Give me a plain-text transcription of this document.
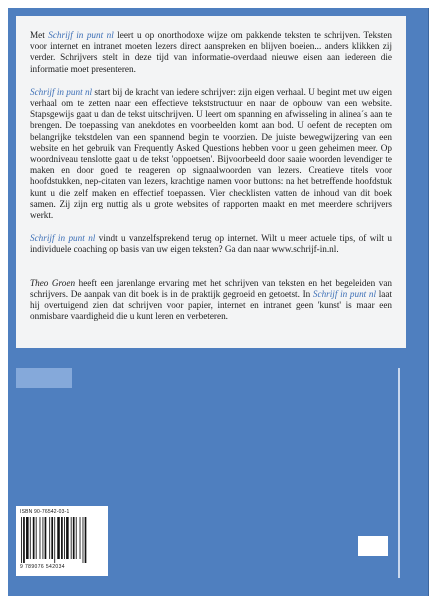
Met Schrijf in punt nl leert u op onorthodoxe wijze om pakkende teksten te schrijven. Teksten voor internet en intranet moeten lezers direct aanspreken en blijven boeien... anders klikken zij verder. Schrijvers stelt in deze tijd van informatie-overdaad nieuwe eisen aan iedereen die informatie moet presenteren.

Schrijf in punt nl start bij de kracht van iedere schrijver: zijn eigen verhaal. U begint met uw eigen verhaal om te zetten naar een effectieve tekststructuur en naar de opbouw van een website. Stapsgewijs gaat u dan de tekst uitschrijven. U leert om spanning en afwisseling in alinea´s aan te brengen. De toepassing van anekdotes en voorbeelden komt aan bod. U oefent de recepten om belangrijke tekstdelen van een spannend begin te voorzien. De juiste bewegwijzering van een website en het gebruik van Frequently Asked Questions hebben voor u geen geheimen meer. Op woordniveau tenslotte gaat u de tekst 'oppoetsen'. Bijvoorbeeld door saaie woorden levendiger te maken en door goed te reageren op signaalwoorden van lezers. Creatieve titels voor hoofdstukken, nep-citaten van lezers, krachtige namen voor buttons: na het betreffende hoofdstuk kunt u die zelf maken en effectief toepassen. Vier checklisten vatten de inhoud van dit boek samen. Zij zijn erg nuttig als u grote websites of rapporten maakt en met meerdere schrijvers werkt.

Schrijf in punt nl vindt u vanzelfsprekend terug op internet. Wilt u meer actuele tips, of wilt u individuele coaching op basis van uw eigen teksten? Ga dan naar www.schrijf-in.nl.

Theo Groen heeft een jarenlange ervaring met het schrijven van teksten en het begeleiden van schrijvers. De aanpak van dit boek is in de praktijk gegroeid en getoetst. In Schrijf in punt nl laat hij overtuigend zien dat schrijven voor papier, internet en intranet geen 'kunst' is maar een onmisbare vaardigheid die u kunt leren en verbeteren.

ISBN 90-76542-03-1
9 789076 542034
